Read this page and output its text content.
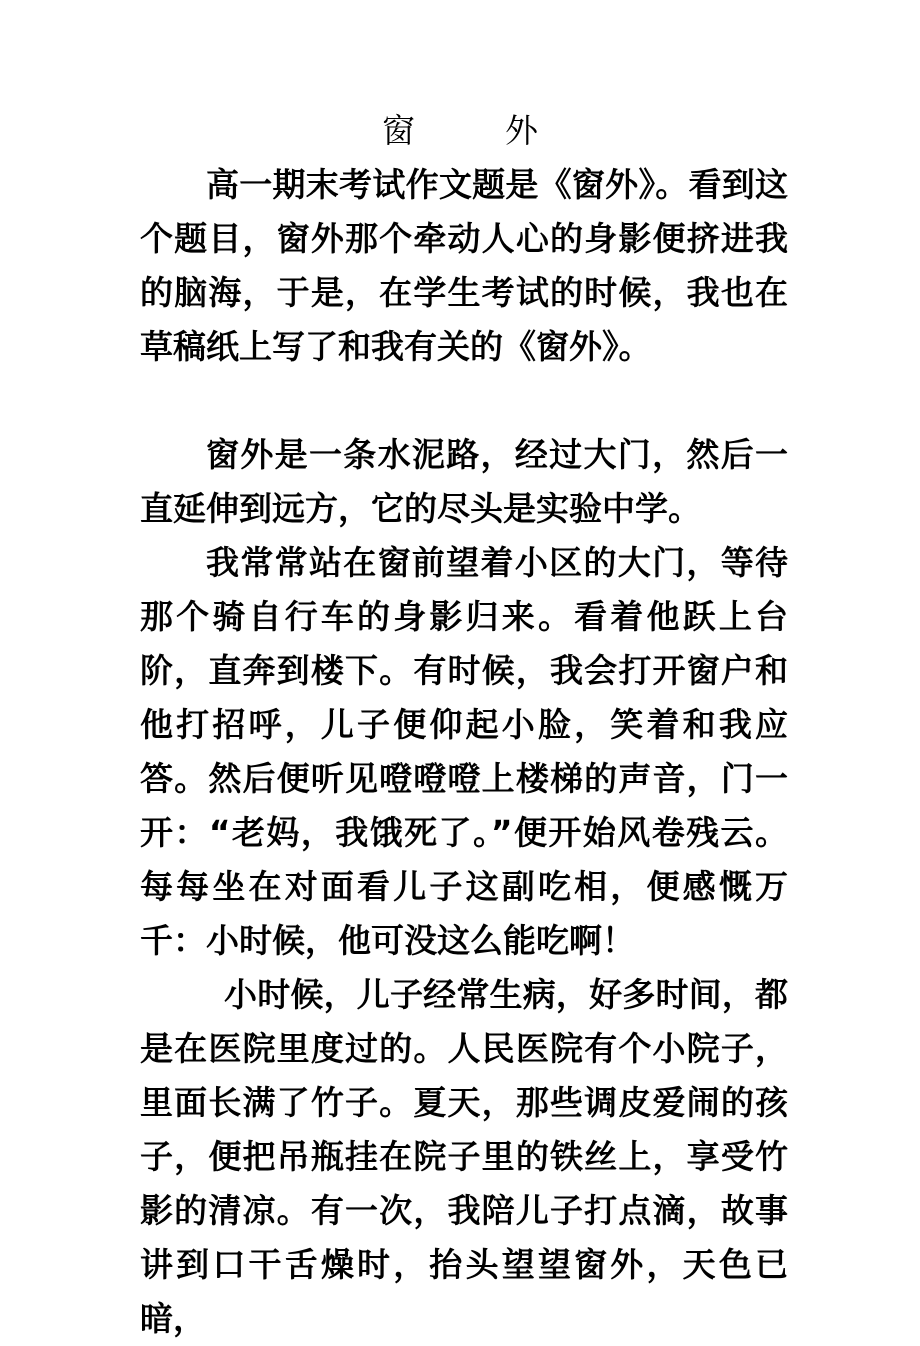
窗	外

高一期末考试作文题是《窗外》。看到这个题目，窗外那个牵动人心的身影便挤进我的脑海，于是，在学生考试的时候，我也在草稿纸上写了和我有关的《窗外》。

窗外是一条水泥路，经过大门，然后一直延伸到远方，它的尽头是实验中学。

我常常站在窗前望着小区的大门，等待那个骑自行车的身影归来。看着他跃上台阶，直奔到楼下。有时候，我会打开窗户和他打招呼，儿子便仰起小脸，笑着和我应答。然后便听见噔噔噔上楼梯的声音，门一开：“老妈，我饿死了。”便开始风卷残云。每每坐在对面看儿子这副吃相，便感慨万千：小时候，他可没这么能吃啊！

小时候，儿子经常生病，好多时间，都是在医院里度过的。人民医院有个小院子，里面长满了竹子。夏天，那些调皮爱闹的孩子，便把吊瓶挂在院子里的铁丝上，享受竹影的清凉。有一次，我陪儿子打点滴，故事讲到口干舌燥时，抬头望望窗外，天色已暗，
